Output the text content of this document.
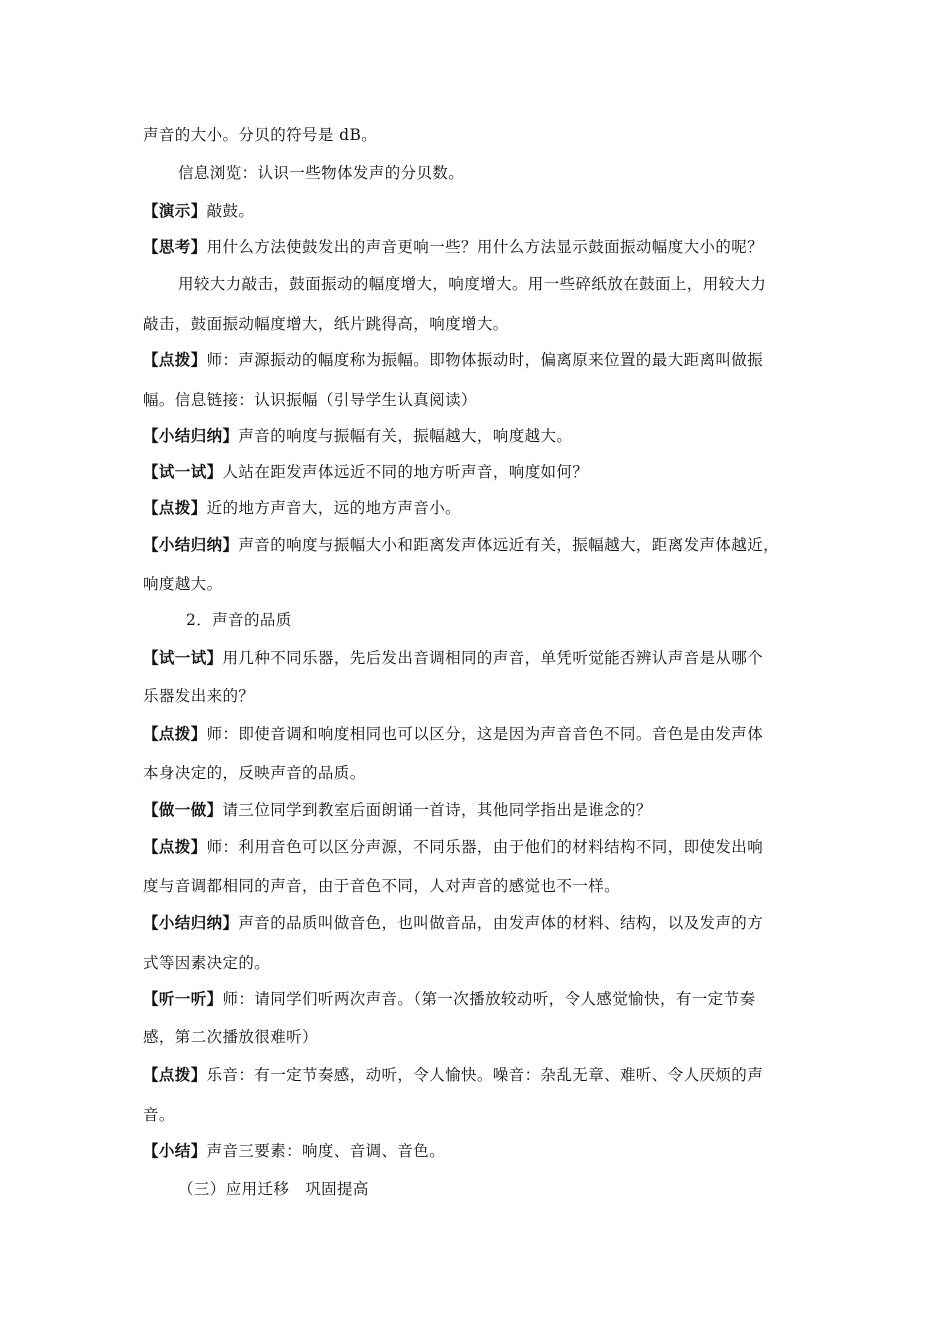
声音的大小。分贝的符号是 dB。
信息浏览：认识一些物体发声的分贝数。
【演示】敲鼓。
【思考】用什么方法使鼓发出的声音更响一些？用什么方法显示鼓面振动幅度大小的呢？
用较大力敲击，鼓面振动的幅度增大，响度增大。用一些碎纸放在鼓面上，用较大力
敲击，鼓面振动幅度增大，纸片跳得高，响度增大。
【点拨】师：声源振动的幅度称为振幅。即物体振动时，偏离原来位置的最大距离叫做振
幅。信息链接：认识振幅（引导学生认真阅读）
【小结归纳】声音的响度与振幅有关，振幅越大，响度越大。
【试一试】人站在距发声体远近不同的地方听声音，响度如何？
【点拨】近的地方声音大，远的地方声音小。
【小结归纳】声音的响度与振幅大小和距离发声体远近有关，振幅越大，距离发声体越近，
响度越大。
2．声音的品质
【试一试】用几种不同乐器，先后发出音调相同的声音，单凭听觉能否辨认声音是从哪个
乐器发出来的？
【点拨】师：即使音调和响度相同也可以区分，这是因为声音音色不同。音色是由发声体
本身决定的，反映声音的品质。
【做一做】请三位同学到教室后面朗诵一首诗，其他同学指出是谁念的？
【点拨】师：利用音色可以区分声源，不同乐器，由于他们的材料结构不同，即使发出响
度与音调都相同的声音，由于音色不同，人对声音的感觉也不一样。
【小结归纳】声音的品质叫做音色，也叫做音品，由发声体的材料、结构，以及发声的方
式等因素决定的。
【听一听】师：请同学们听两次声音。（第一次播放较动听，令人感觉愉快，有一定节奏
感，第二次播放很难听）
【点拨】乐音：有一定节奏感，动听，令人愉快。噪音：杂乱无章、难听、令人厌烦的声
音。
【小结】声音三要素：响度、音调、音色。
（三）应用迁移　巩固提高
